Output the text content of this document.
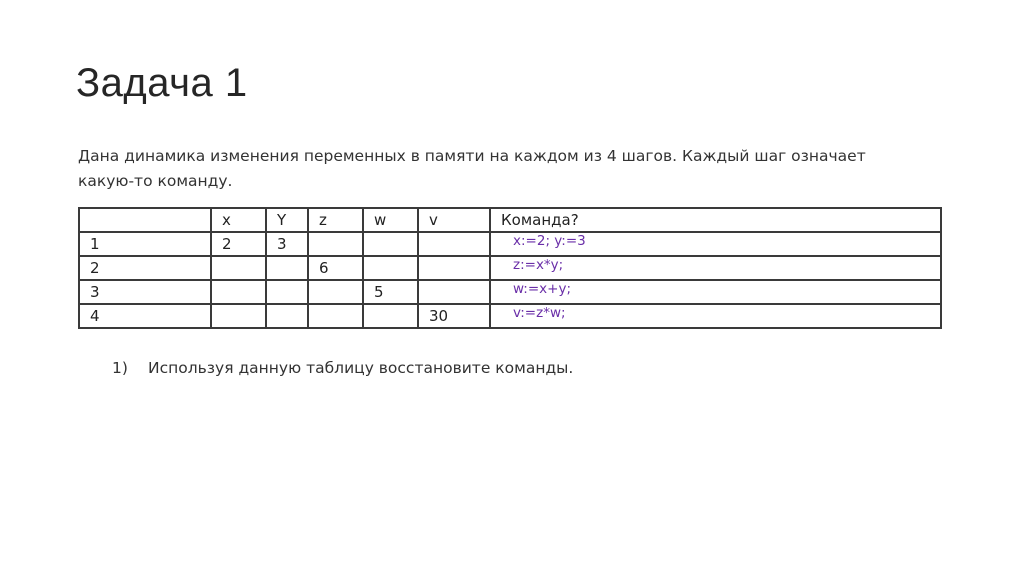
Задача 1

Дана динамика изменения переменных в памяти на каждом из 4 шагов. Каждый шаг означает
какую-то команду.

	x	Y	z	w	v	Команда?
1	2	3				x:=2; y:=3
2			6			z:=x*y;
3				5		w:=x+y;
4					30	v:=z*w;
1) Используя данную таблицу восстановите команды.
